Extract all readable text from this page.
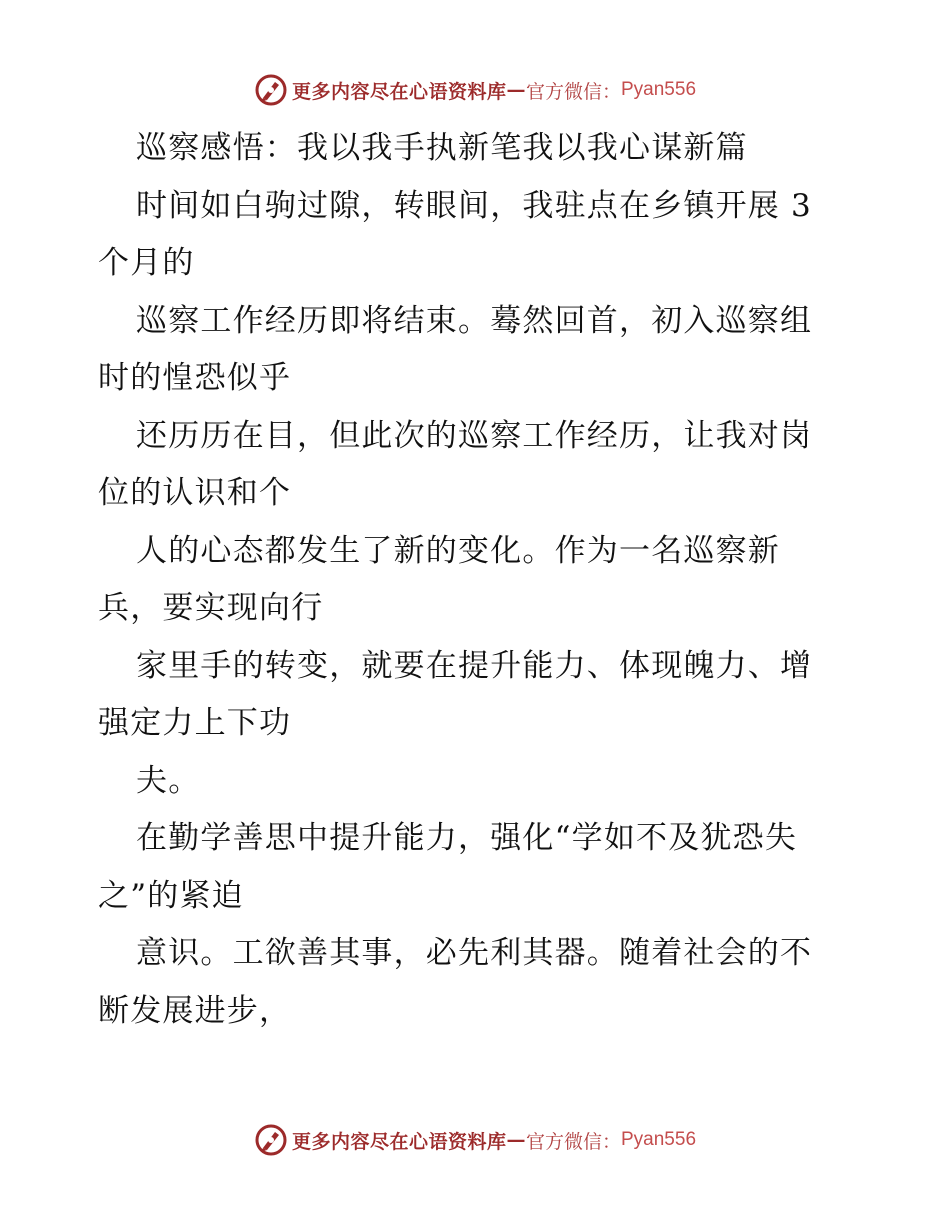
更多内容尽在心语资料库 — 官方微信： Pyan556
巡察感悟：我以我手执新笔我以我心谋新篇
时间如白驹过隙，转眼间，我驻点在乡镇开展 3
个月的
巡察工作经历即将结束。蓦然回首，初入巡察组
时的惶恐似乎
还历历在目，但此次的巡察工作经历，让我对岗
位的认识和个
人的心态都发生了新的变化。作为一名巡察新
兵，要实现向行
家里手的转变，就要在提升能力、体现魄力、增
强定力上下功
夫。
在勤学善思中提升能力，强化“学如不及犹恐失
之”的紧迫
意识。工欲善其事，必先利其器。随着社会的不
断发展进步，
更多内容尽在心语资料库 — 官方微信： Pyan556
